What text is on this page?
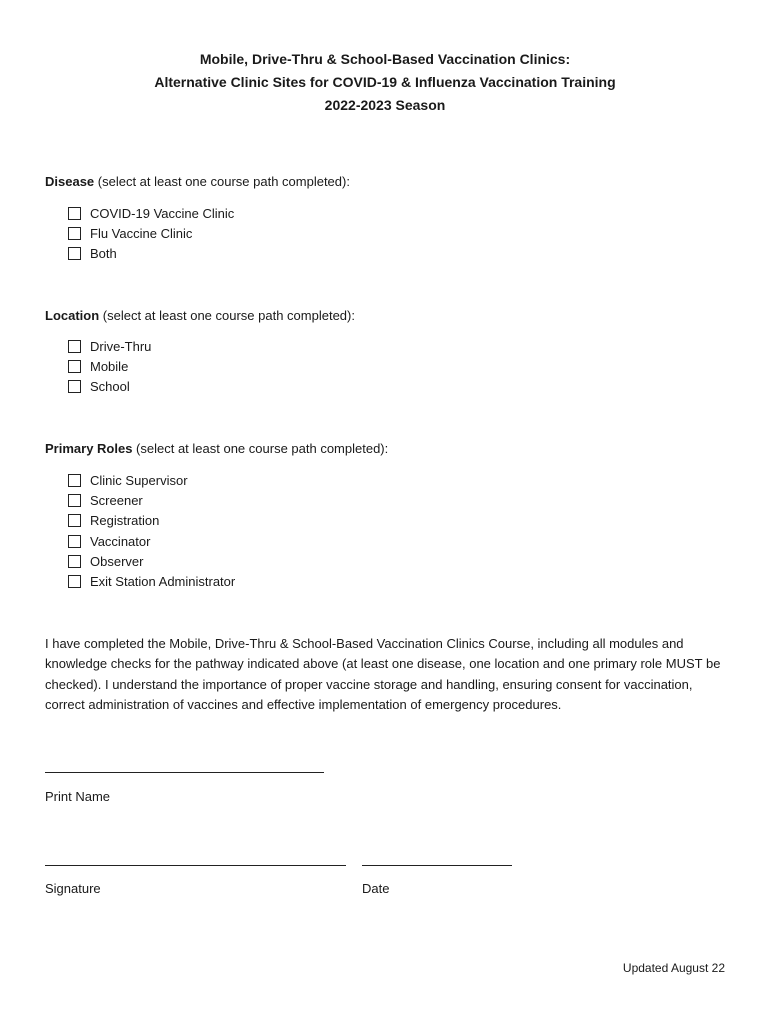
Mobile, Drive-Thru & School-Based Vaccination Clinics:
Alternative Clinic Sites for COVID-19 & Influenza Vaccination Training
2022-2023 Season
Disease (select at least one course path completed):
COVID-19 Vaccine Clinic
Flu Vaccine Clinic
Both
Location (select at least one course path completed):
Drive-Thru
Mobile
School
Primary Roles (select at least one course path completed):
Clinic Supervisor
Screener
Registration
Vaccinator
Observer
Exit Station Administrator
I have completed the Mobile, Drive-Thru & School-Based Vaccination Clinics Course, including all modules and knowledge checks for the pathway indicated above (at least one disease, one location and one primary role MUST be checked). I understand the importance of proper vaccine storage and handling, ensuring consent for vaccination, correct administration of vaccines and effective implementation of emergency procedures.
Print Name
Signature	Date
Updated August 22
